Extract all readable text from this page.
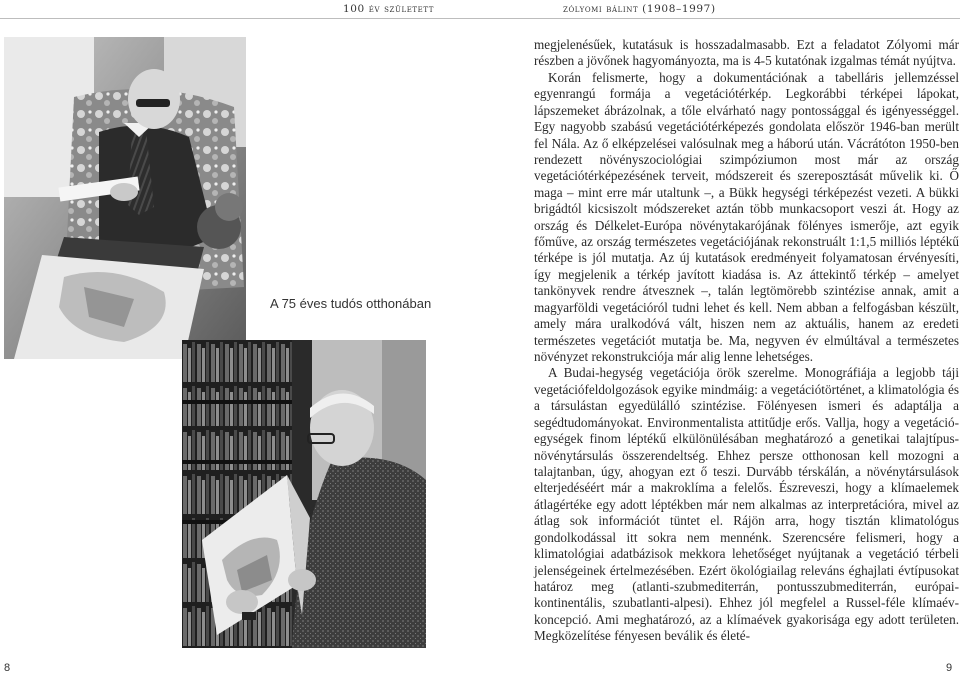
100 év született	zólyomi bálint (1908–1997)
A 75 éves tudós otthonában
8	9

megjelenésűek, kutatásuk is hosszadalmasabb. Ezt a feladatot Zólyomi már részben a jövőnek hagyományozta, ma is 4-5 kutatónak izgalmas témát nyújtva.

Korán felismerte, hogy a dokumentációnak a tabelláris jellemzéssel egyenrangú formája a vegetációtérkép. Legkorábbi térképei lápokat, lápszemeket ábrázolnak, a tőle elvárható nagy pontossággal és igényességgel. Egy nagyobb szabású vegetációtérképezés gondolata először 1946-ban merült fel Nála. Az ő elképzelései valósulnak meg a háború után. Vácrátóton 1950-ben rendezett növényszociológiai szimpóziumon most már az ország vegetációtérképezésének terveit, módszereit és szereposztását művelik ki. Ő maga – mint erre már utaltunk –, a Bükk hegységi térképezést vezeti. A bükki brigádtól kicsiszolt módszereket aztán több munkacsoport veszi át. Hogy az ország és Délkelet-Európa növénytakarójának fölényes ismerője, azt egyik főműve, az ország természetes vegetációjának rekonstruált 1:1,5 milliós léptékű térképe is jól mutatja. Az új kutatások eredményeit folyamatosan érvényesíti, így megjelenik a térkép javított kiadása is. Az áttekintő térkép – amelyet tankönyvek rendre átvesznek –, talán legtömörebb szintézise annak, amit a magyarföldi vegetációról tudni lehet és kell. Nem abban a felfogásban készült, amely mára uralkodóvá vált, hiszen nem az aktuális, hanem az eredeti természetes vegetációt mutatja be. Ma, negyven év elmúltával a természetes növényzet rekonstrukciója már alig lenne lehetséges.

A Budai-hegység vegetációja örök szerelme. Monográfiája a legjobb táji vegetációfeldolgozások egyike mindmáig: a vegetációtörténet, a klimatológia és a társulástan egyedülálló szintézise. Fölényesen ismeri és adaptálja a segédtudományokat. Environmentalista attitűdje erős. Vallja, hogy a vegetáció-egységek finom léptékű elkülönülésában meghatározó a genetikai talajtípus-növénytársulás összerendeltség. Ehhez persze otthonosan kell mozogni a talajtanban, úgy, ahogyan ezt ő teszi. Durvább térskálán, a növénytársulások elterjedéséért már a makroklíma a felelős. Észreveszi, hogy a klímaelemek átlagértéke egy adott léptékben már nem alkalmas az interpretációra, mivel az átlag sok információt tüntet el. Rájön arra, hogy tisztán klimatológus gondolkodással itt sokra nem mennénk. Szerencsére felismeri, hogy a klimatológiai adatbázisok mekkora lehetőséget nyújtanak a vegetáció térbeli jelenségeinek értelmezésében. Ezért ökológiailag releváns éghajlati évtípusokat határoz meg (atlanti-szubmediterrán, pontusszubmediterrán, európai-kontinentális, szubatlanti-alpesi). Ehhez jól megfelel a Russel-féle klímaév-koncepció. Ami meghatározó, az a klímaévek gyakorisága egy adott területen. Megközelítése fényesen beválik és életé-
